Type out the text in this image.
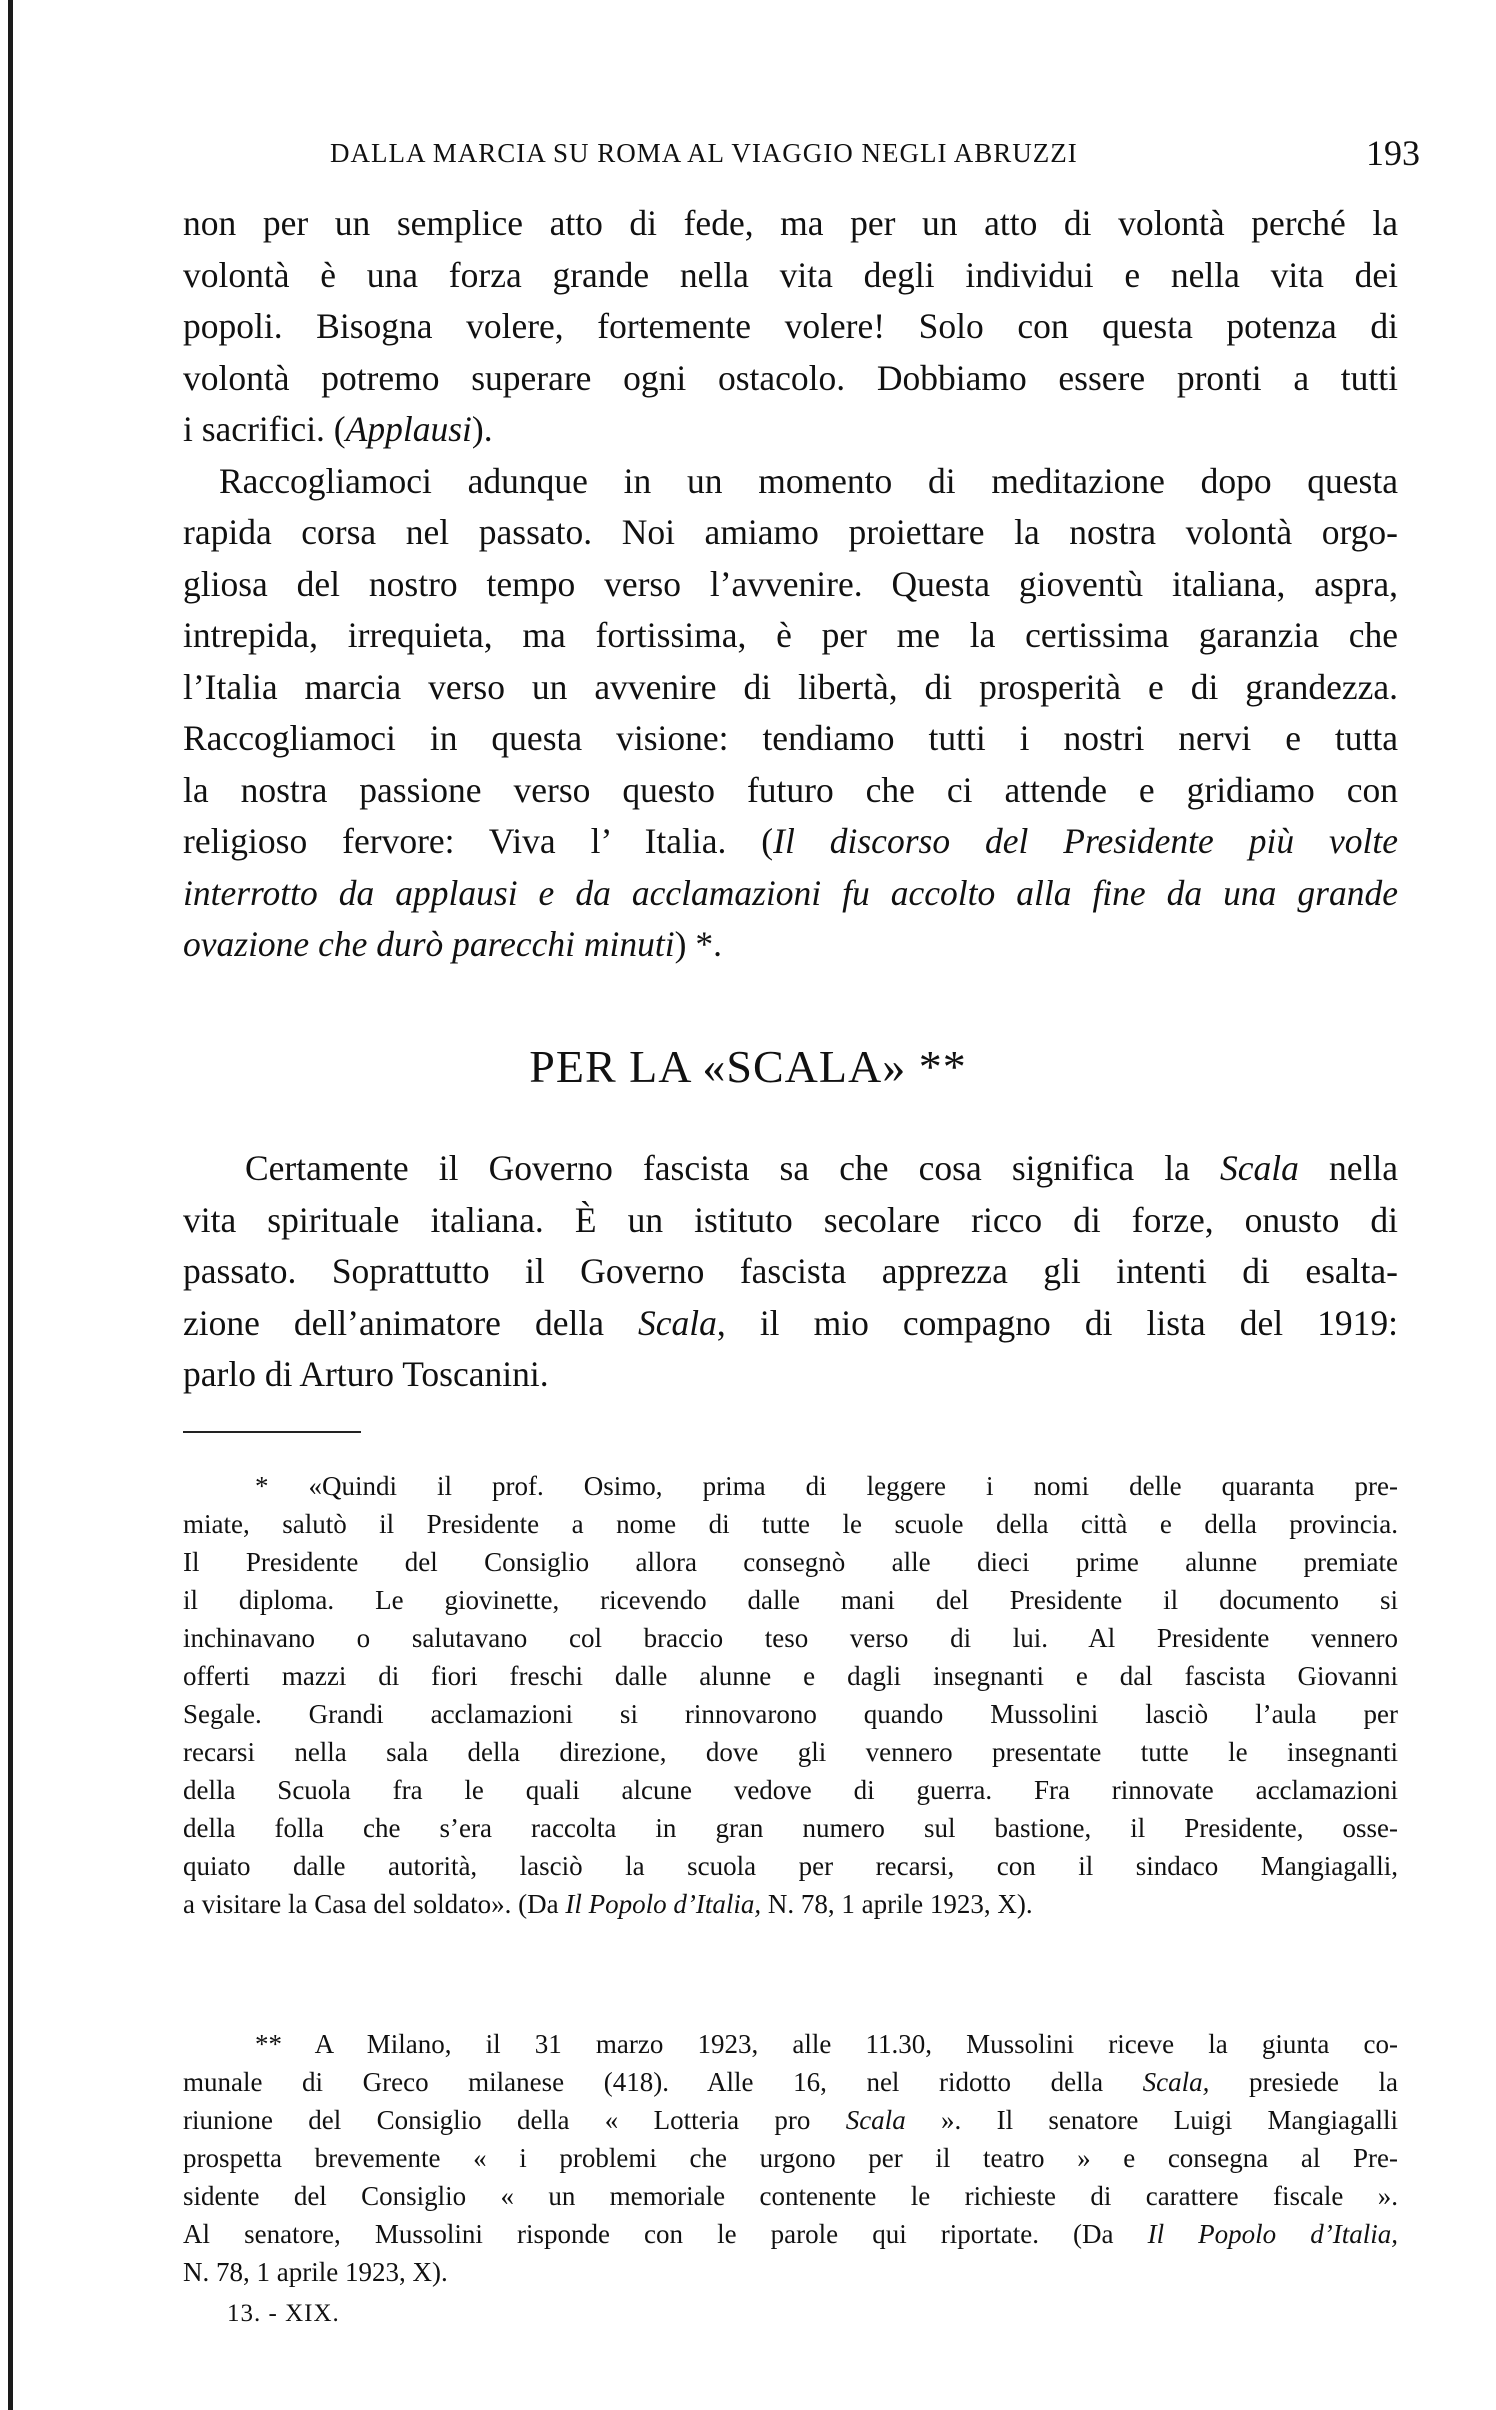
DALLA MARCIA SU ROMA AL VIAGGIO NEGLI ABRUZZI	193
non per un semplice atto di fede, ma per un atto di volontà perché la
volontà è una forza grande nella vita degli individui e nella vita dei
popoli. Bisogna volere, fortemente volere! Solo con questa potenza di
volontà potremo superare ogni ostacolo. Dobbiamo essere pronti a tutti
i sacrifici. (Applausi).
Raccogliamoci adunque in un momento di meditazione dopo questa
rapida corsa nel passato. Noi amiamo proiettare la nostra volontà orgo-
gliosa del nostro tempo verso l’avvenire. Questa gioventù italiana, aspra,
intrepida, irrequieta, ma fortissima, è per me la certissima garanzia che
l’Italia marcia verso un avvenire di libertà, di prosperità e di grandezza.
Raccogliamoci in questa visione: tendiamo tutti i nostri nervi e tutta
la nostra passione verso questo futuro che ci attende e gridiamo con
religioso fervore: Viva l’ Italia. (Il discorso del Presidente più volte
interrotto da applausi e da acclamazioni fu accolto alla fine da una grande
ovazione che durò parecchi minuti) *.
PER LA «SCALA» **
Certamente il Governo fascista sa che cosa significa la Scala nella
vita spirituale italiana. È un istituto secolare ricco di forze, onusto di
passato. Soprattutto il Governo fascista apprezza gli intenti di esalta-
zione dell’animatore della Scala, il mio compagno di lista del 1919:
parlo di Arturo Toscanini.
* «Quindi il prof. Osimo, prima di leggere i nomi delle quaranta pre-
miate, salutò il Presidente a nome di tutte le scuole della città e della provincia.
Il Presidente del Consiglio allora consegnò alle dieci prime alunne premiate
il diploma. Le giovinette, ricevendo dalle mani del Presidente il documento si
inchinavano o salutavano col braccio teso verso di lui. Al Presidente vennero
offerti mazzi di fiori freschi dalle alunne e dagli insegnanti e dal fascista Giovanni
Segale. Grandi acclamazioni si rinnovarono quando Mussolini lasciò l’aula per
recarsi nella sala della direzione, dove gli vennero presentate tutte le insegnanti
della Scuola fra le quali alcune vedove di guerra. Fra rinnovate acclamazioni
della folla che s’era raccolta in gran numero sul bastione, il Presidente, osse-
quiato dalle autorità, lasciò la scuola per recarsi, con il sindaco Mangiagalli,
a visitare la Casa del soldato». (Da Il Popolo d’Italia, N. 78, 1 aprile 1923, X).
** A Milano, il 31 marzo 1923, alle 11.30, Mussolini riceve la giunta co-
munale di Greco milanese (418). Alle 16, nel ridotto della Scala, presiede la
riunione del Consiglio della « Lotteria pro Scala ». Il senatore Luigi Mangiagalli
prospetta brevemente « i problemi che urgono per il teatro » e consegna al Pre-
sidente del Consiglio « un memoriale contenente le richieste di carattere fiscale ».
Al senatore, Mussolini risponde con le parole qui riportate. (Da Il Popolo d’Italia,
N. 78, 1 aprile 1923, X).
13. - XIX.
